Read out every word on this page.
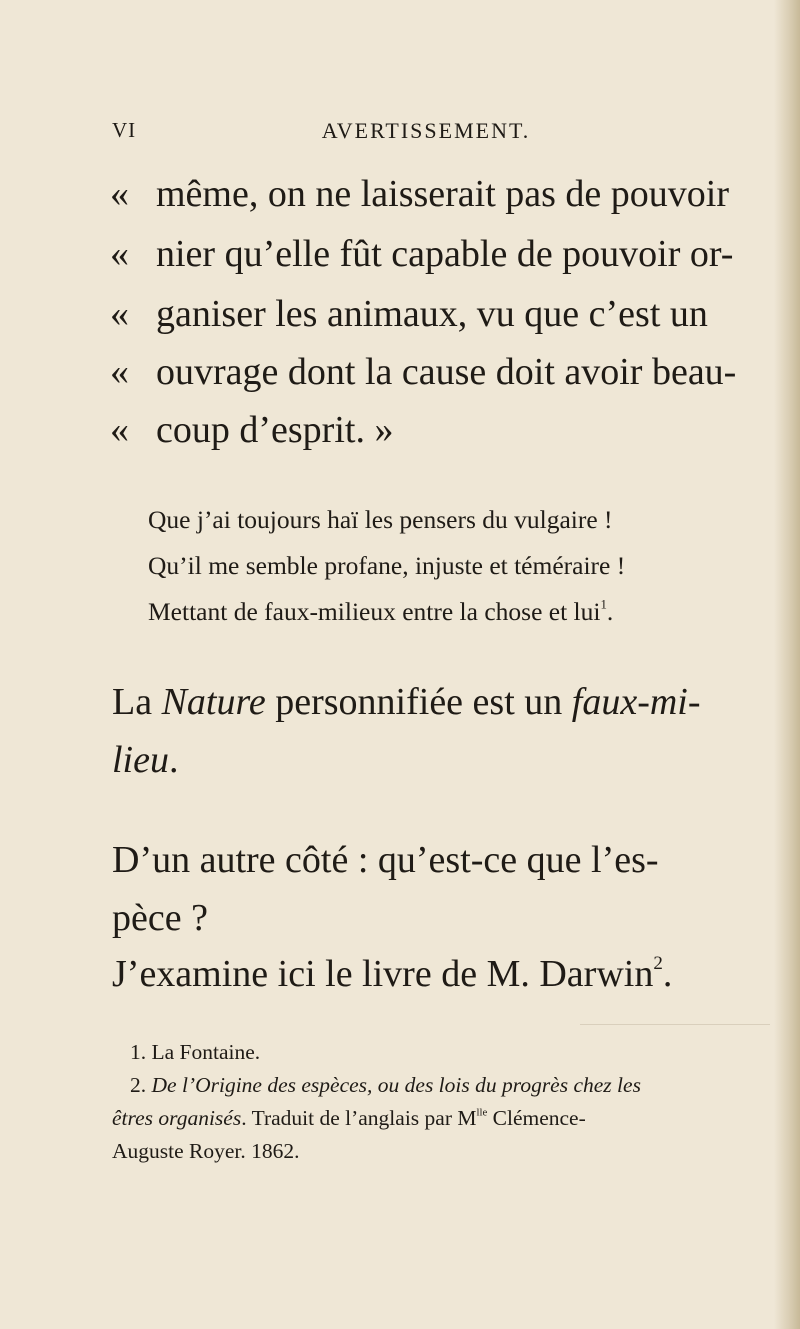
VI	AVERTISSEMENT.
« même, on ne laisserait pas de pouvoir
« nier qu’elle fût capable de pouvoir or-
« ganiser les animaux, vu que c’est un
« ouvrage dont la cause doit avoir beau-
« coup d’esprit. »
Que j’ai toujours haï les pensers du vulgaire !
Qu’il me semble profane, injuste et téméraire !
Mettant de faux-milieux entre la chose et lui$^1$.
La Nature personnifiée est un faux-mi-
lieu.
D’un autre côté : qu’est-ce que l’es-
pèce ?
J’examine ici le livre de M. Darwin$^2$.
1. La Fontaine.
2. De l’Origine des espèces, ou des lois du progrès chez les
êtres organisés. Traduit de l’anglais par $M^{lle}$ Clémence-
Auguste Royer. 1862.
